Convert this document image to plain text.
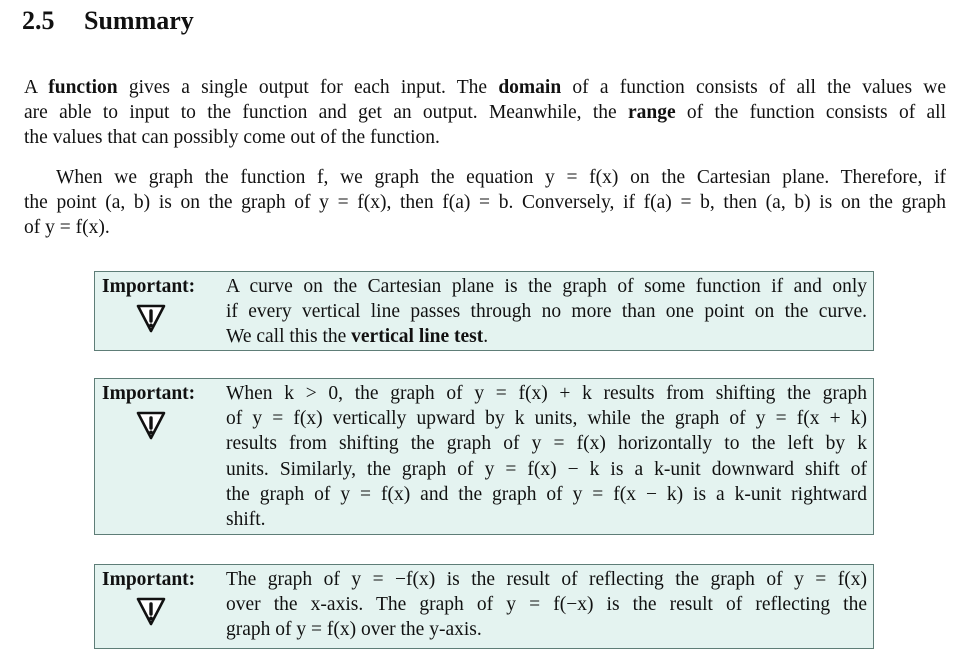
2.5 Summary
A function gives a single output for each input. The domain of a function consists of all the values we
are able to input to the function and get an output. Meanwhile, the range of the function consists of all
the values that can possibly come out of the function.
When we graph the function f, we graph the equation y = f(x) on the Cartesian plane. Therefore, if
the point (a, b) is on the graph of y = f(x), then f(a) = b. Conversely, if f(a) = b, then (a, b) is on the graph
of y = f(x).
Important: A curve on the Cartesian plane is the graph of some function if and only
if every vertical line passes through no more than one point on the curve.
We call this the vertical line test.
Important: When k > 0, the graph of y = f(x) + k results from shifting the graph
of y = f(x) vertically upward by k units, while the graph of y = f(x + k)
results from shifting the graph of y = f(x) horizontally to the left by k
units. Similarly, the graph of y = f(x) − k is a k-unit downward shift of
the graph of y = f(x) and the graph of y = f(x − k) is a k-unit rightward
shift.
Important: The graph of y = −f(x) is the result of reflecting the graph of y = f(x)
over the x-axis. The graph of y = f(−x) is the result of reflecting the
graph of y = f(x) over the y-axis.
